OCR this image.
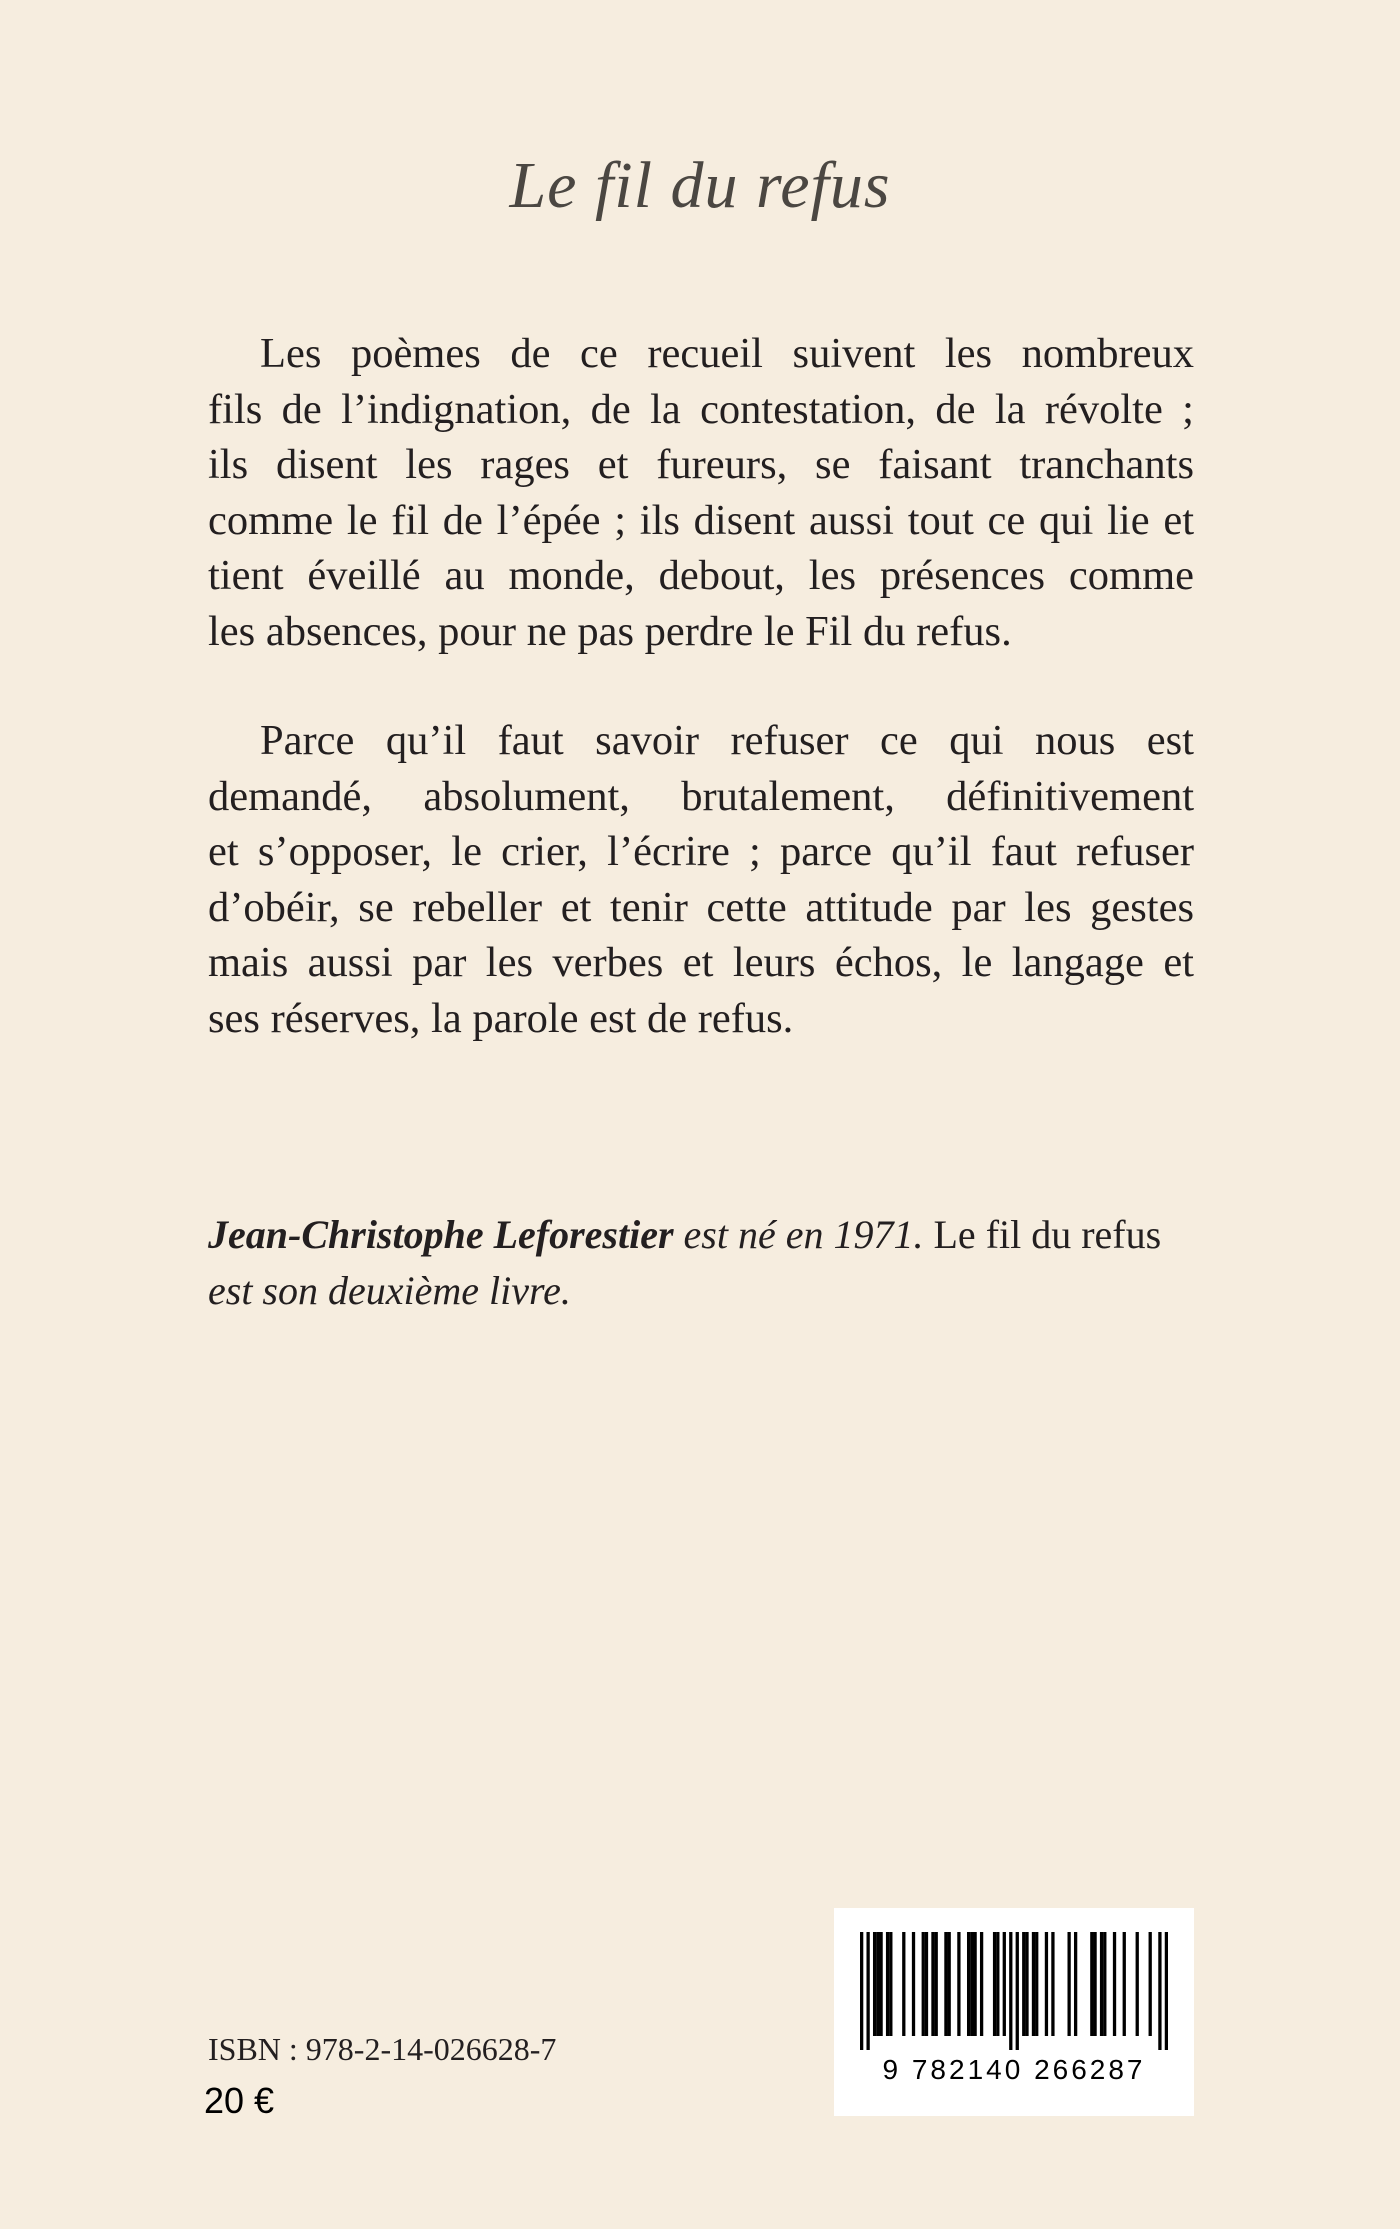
Le fil du refus
Les poèmes de ce recueil suivent les nombreux
fils de l’indignation, de la contestation, de la révolte ;
ils disent les rages et fureurs, se faisant tranchants
comme le fil de l’épée ; ils disent aussi tout ce qui lie et
tient éveillé au monde, debout, les présences comme
les absences, pour ne pas perdre le Fil du refus.
Parce qu’il faut savoir refuser ce qui nous est
demandé, absolument, brutalement, définitivement
et s’opposer, le crier, l’écrire ; parce qu’il faut refuser
d’obéir, se rebeller et tenir cette attitude par les gestes
mais aussi par les verbes et leurs échos, le langage et
ses réserves, la parole est de refus.
Jean-Christophe Leforestier est né en 1971. Le fil du refus
est son deuxième livre.
ISBN : 978-2-14-026628-7
20 €
9 782140 266287
